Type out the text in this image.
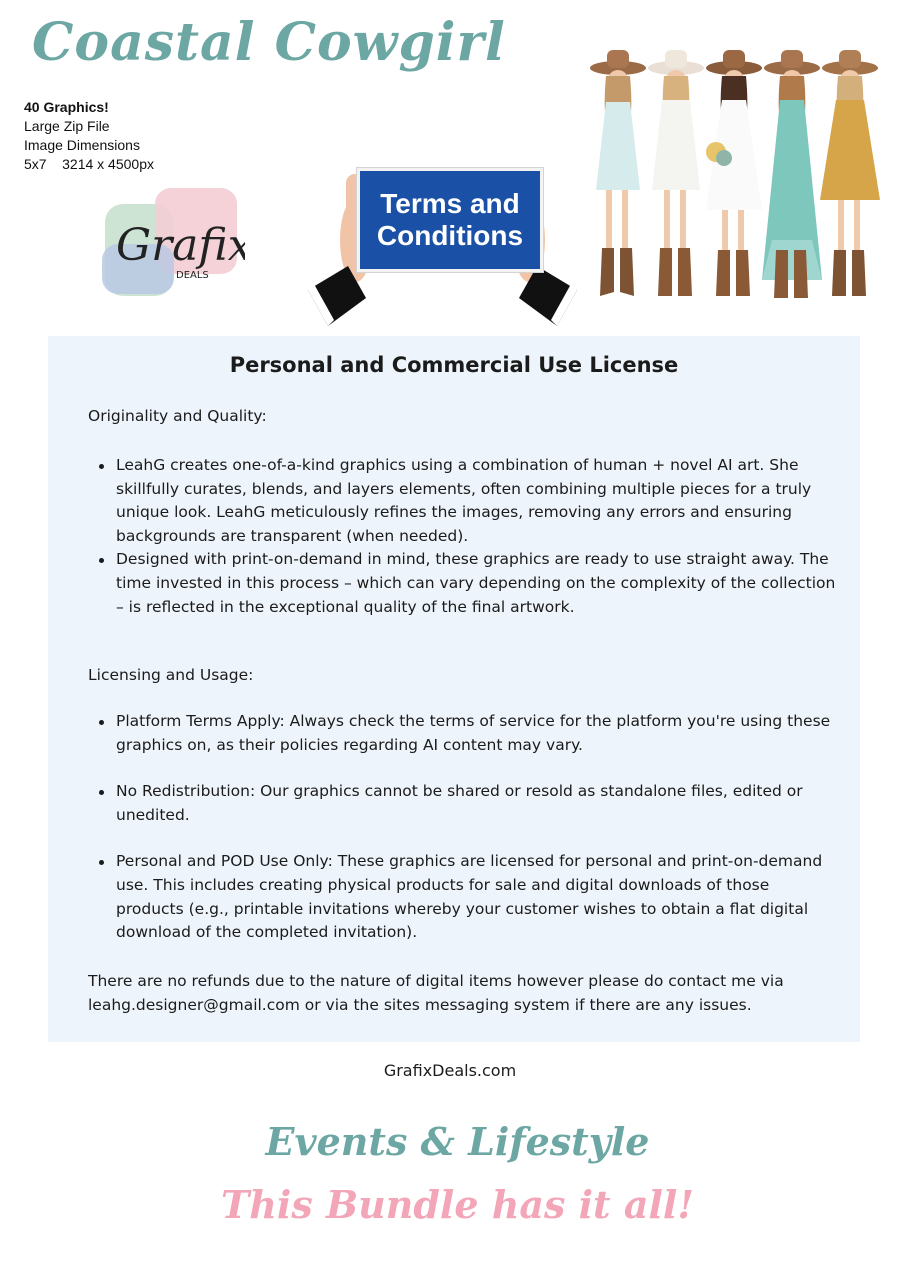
Coastal Cowgirl
40 Graphics!
Large Zip File
Image Dimensions
5x7    3214 x 4500px
Grafix
DEALS
Terms and
Conditions
Personal and Commercial Use License
Originality and Quality:
LeahG creates one-of-a-kind graphics using a combination of human + novel AI art. She skillfully curates, blends, and layers elements, often combining multiple pieces for a truly unique look. LeahG meticulously refines the images, removing any errors and ensuring backgrounds are transparent (when needed).
Designed with print-on-demand in mind, these graphics are ready to use straight away. The time invested in this process – which can vary depending on the complexity of the collection – is reflected in the exceptional quality of the final artwork.
Licensing and Usage:
Platform Terms Apply: Always check the terms of service for the platform you're using these graphics on, as their policies regarding AI content may vary.
No Redistribution: Our graphics cannot be shared or resold as standalone files, edited or unedited.
Personal and POD Use Only: These graphics are licensed for personal and print-on-demand use. This includes creating physical products for sale and digital downloads of those products (e.g., printable invitations whereby your customer wishes to obtain a flat digital download of the completed invitation).
There are no refunds due to the nature of digital items however please do contact me via leahg.designer@gmail.com or via the sites messaging system if there are any issues.
GrafixDeals.com
Events & Lifestyle
This Bundle has it all!
